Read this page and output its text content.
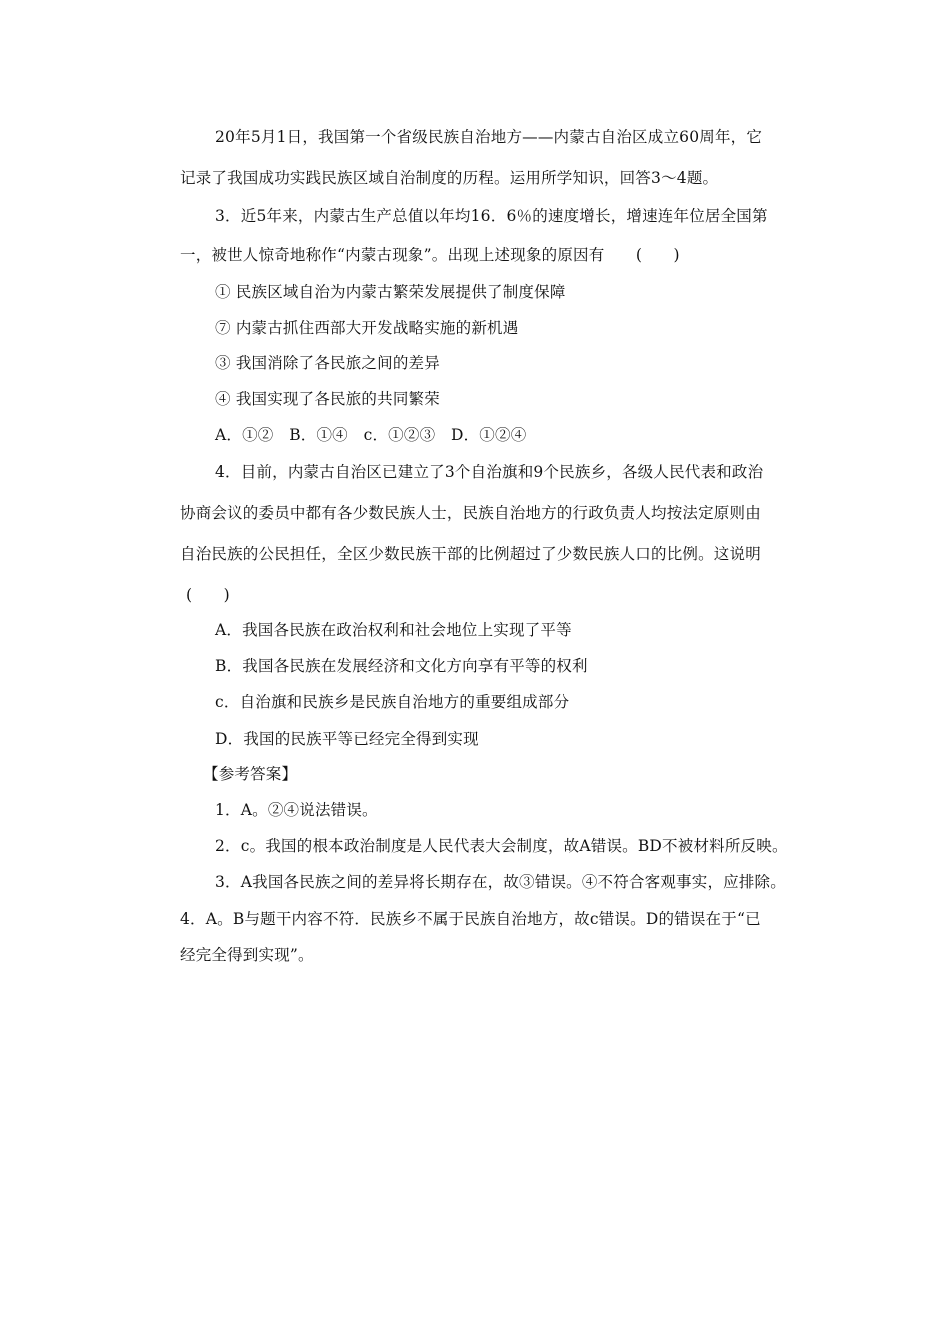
20年5月1日，我国第一个省级民族自治地方——内蒙古自治区成立60周年，它
记录了我国成功实践民族区域自治制度的历程。运用所学知识，回答3～4题。
3．近5年来，内蒙古生产总值以年均16．6％的速度增长，增速连年位居全国第
一，被世人惊奇地称作“内蒙古现象”。出现上述现象的原因有　　(　　)
① 民族区域自治为内蒙古繁荣发展提供了制度保障
⑦ 内蒙古抓住西部大开发战略实施的新机遇
③ 我国消除了各民旅之间的差异
④ 我国实现了各民旅的共同繁荣
A．①②　B．①④　c．①②③　D．①②④
4．目前，内蒙古自治区已建立了3个自治旗和9个民族乡，各级人民代表和政治
协商会议的委员中都有各少数民族人士，民族自治地方的行政负责人均按法定原则由
自治民族的公民担任，全区少数民族干部的比例超过了少数民族人口的比例。这说明
(　　)
A．我国各民族在政治权利和社会地位上实现了平等
B．我国各民族在发展经济和文化方向享有平等的权利
c．自治旗和民族乡是民族自治地方的重要组成部分
D．我国的民族平等已经完全得到实现
【参考答案】
1．A。②④说法错误。
2．c。我国的根本政治制度是人民代表大会制度，故A错误。BD不被材料所反映。
3．A我国各民族之间的差异将长期存在，故③错误。④不符合客观事实，应排除。
4．A。B与题干内容不符．民族乡不属于民族自治地方，故c错误。D的错误在于“已
经完全得到实现”。
